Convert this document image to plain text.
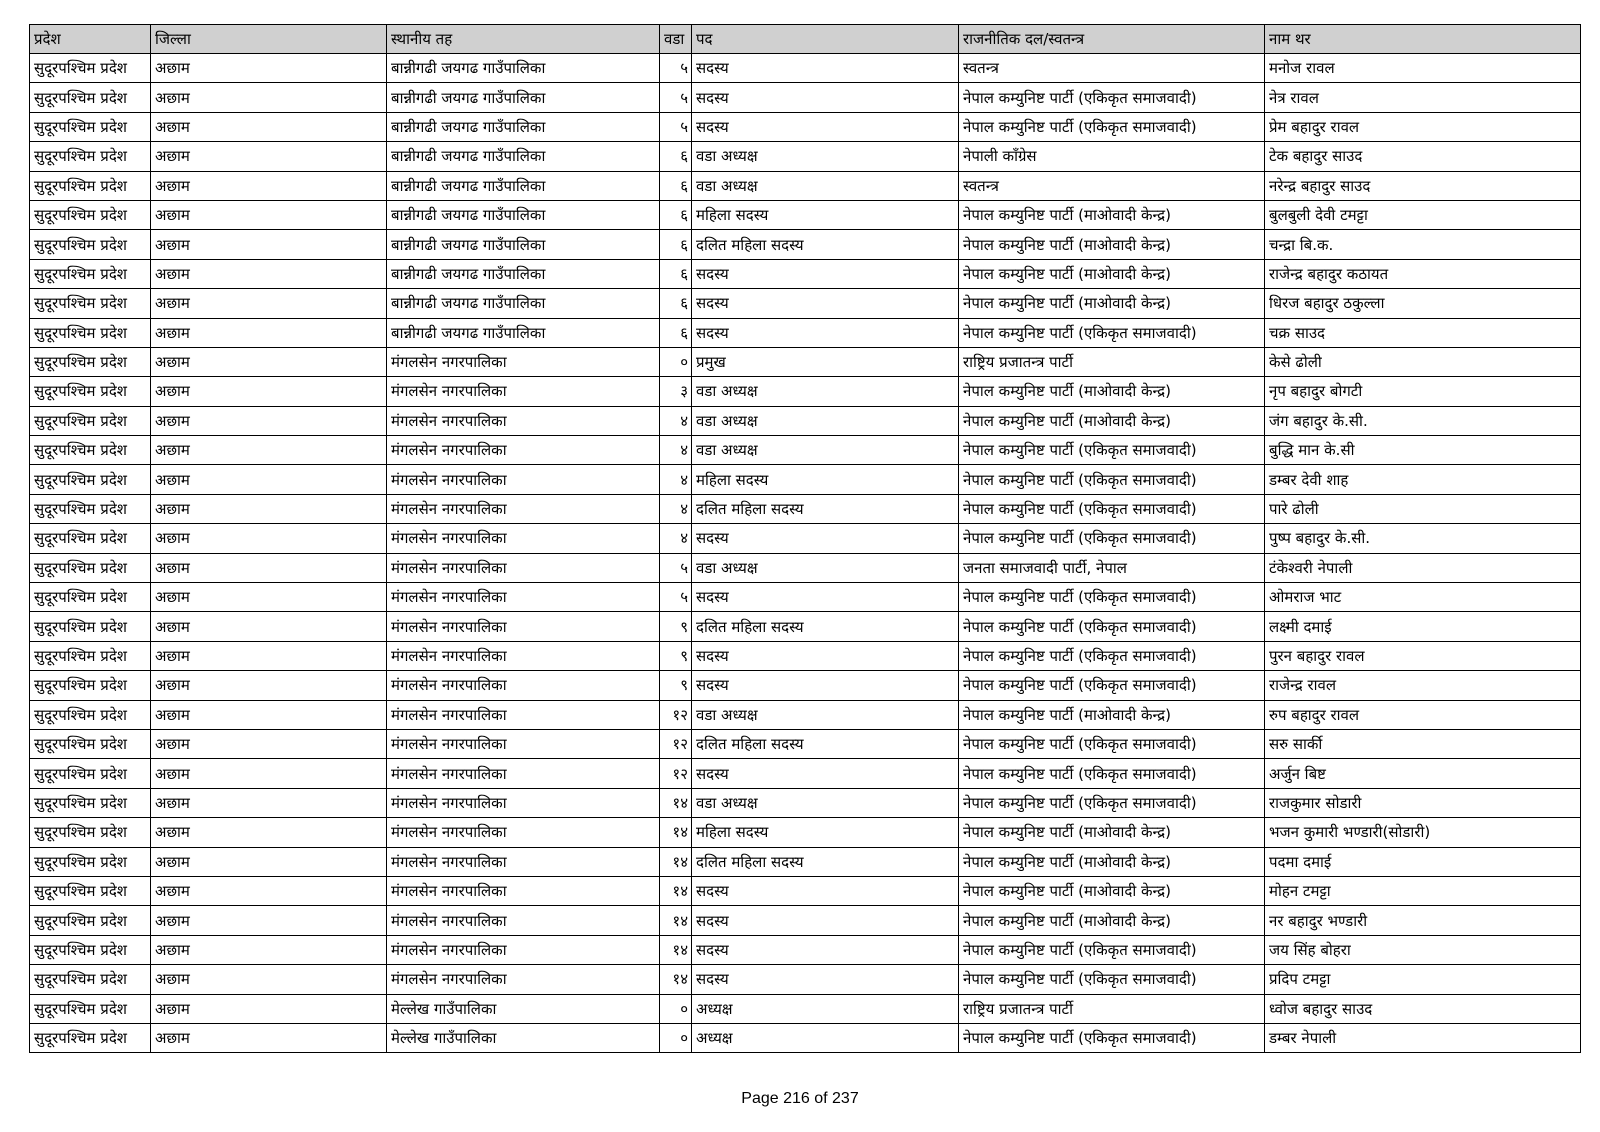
प्रदेश	जिल्ला	स्थानीय तह	वडा	पद	राजनीतिक दल/स्वतन्त्र	नाम थर
सुदूरपश्चिम प्रदेश	अछाम	बान्नीगढी जयगढ गाउँपालिका	५	सदस्य	स्वतन्त्र	मनोज रावल
सुदूरपश्चिम प्रदेश	अछाम	बान्नीगढी जयगढ गाउँपालिका	५	सदस्य	नेपाल कम्युनिष्ट पार्टी (एकिकृत समाजवादी)	नेत्र रावल
सुदूरपश्चिम प्रदेश	अछाम	बान्नीगढी जयगढ गाउँपालिका	५	सदस्य	नेपाल कम्युनिष्ट पार्टी (एकिकृत समाजवादी)	प्रेम बहादुर रावल
सुदूरपश्चिम प्रदेश	अछाम	बान्नीगढी जयगढ गाउँपालिका	६	वडा अध्यक्ष	नेपाली काँग्रेस	टेक बहादुर साउद
सुदूरपश्चिम प्रदेश	अछाम	बान्नीगढी जयगढ गाउँपालिका	६	वडा अध्यक्ष	स्वतन्त्र	नरेन्द्र बहादुर साउद
सुदूरपश्चिम प्रदेश	अछाम	बान्नीगढी जयगढ गाउँपालिका	६	महिला सदस्य	नेपाल कम्युनिष्ट पार्टी (माओवादी केन्द्र)	बुलबुली देवी टमट्टा
सुदूरपश्चिम प्रदेश	अछाम	बान्नीगढी जयगढ गाउँपालिका	६	दलित महिला सदस्य	नेपाल कम्युनिष्ट पार्टी (माओवादी केन्द्र)	चन्द्रा बि.क.
सुदूरपश्चिम प्रदेश	अछाम	बान्नीगढी जयगढ गाउँपालिका	६	सदस्य	नेपाल कम्युनिष्ट पार्टी (माओवादी केन्द्र)	राजेन्द्र बहादुर कठायत
सुदूरपश्चिम प्रदेश	अछाम	बान्नीगढी जयगढ गाउँपालिका	६	सदस्य	नेपाल कम्युनिष्ट पार्टी (माओवादी केन्द्र)	धिरज बहादुर ठकुल्ला
सुदूरपश्चिम प्रदेश	अछाम	बान्नीगढी जयगढ गाउँपालिका	६	सदस्य	नेपाल कम्युनिष्ट पार्टी (एकिकृत समाजवादी)	चक्र साउद
सुदूरपश्चिम प्रदेश	अछाम	मंगलसेन नगरपालिका	०	प्रमुख	राष्ट्रिय प्रजातन्त्र पार्टी	केसे ढोली
सुदूरपश्चिम प्रदेश	अछाम	मंगलसेन नगरपालिका	३	वडा अध्यक्ष	नेपाल कम्युनिष्ट पार्टी (माओवादी केन्द्र)	नृप बहादुर बोगटी
सुदूरपश्चिम प्रदेश	अछाम	मंगलसेन नगरपालिका	४	वडा अध्यक्ष	नेपाल कम्युनिष्ट पार्टी (माओवादी केन्द्र)	जंग बहादुर के.सी.
सुदूरपश्चिम प्रदेश	अछाम	मंगलसेन नगरपालिका	४	वडा अध्यक्ष	नेपाल कम्युनिष्ट पार्टी (एकिकृत समाजवादी)	बुद्धि मान के.सी
सुदूरपश्चिम प्रदेश	अछाम	मंगलसेन नगरपालिका	४	महिला सदस्य	नेपाल कम्युनिष्ट पार्टी (एकिकृत समाजवादी)	डम्बर देवी शाह
सुदूरपश्चिम प्रदेश	अछाम	मंगलसेन नगरपालिका	४	दलित महिला सदस्य	नेपाल कम्युनिष्ट पार्टी (एकिकृत समाजवादी)	पारे ढोली
सुदूरपश्चिम प्रदेश	अछाम	मंगलसेन नगरपालिका	४	सदस्य	नेपाल कम्युनिष्ट पार्टी (एकिकृत समाजवादी)	पुष्प बहादुर के.सी.
सुदूरपश्चिम प्रदेश	अछाम	मंगलसेन नगरपालिका	५	वडा अध्यक्ष	जनता समाजवादी पार्टी, नेपाल	टंकेश्वरी नेपाली
सुदूरपश्चिम प्रदेश	अछाम	मंगलसेन नगरपालिका	५	सदस्य	नेपाल कम्युनिष्ट पार्टी (एकिकृत समाजवादी)	ओमराज भाट
सुदूरपश्चिम प्रदेश	अछाम	मंगलसेन नगरपालिका	९	दलित महिला सदस्य	नेपाल कम्युनिष्ट पार्टी (एकिकृत समाजवादी)	लक्ष्मी दमाई
सुदूरपश्चिम प्रदेश	अछाम	मंगलसेन नगरपालिका	९	सदस्य	नेपाल कम्युनिष्ट पार्टी (एकिकृत समाजवादी)	पुरन बहादुर रावल
सुदूरपश्चिम प्रदेश	अछाम	मंगलसेन नगरपालिका	९	सदस्य	नेपाल कम्युनिष्ट पार्टी (एकिकृत समाजवादी)	राजेन्द्र रावल
सुदूरपश्चिम प्रदेश	अछाम	मंगलसेन नगरपालिका	१२	वडा अध्यक्ष	नेपाल कम्युनिष्ट पार्टी (माओवादी केन्द्र)	रुप बहादुर रावल
सुदूरपश्चिम प्रदेश	अछाम	मंगलसेन नगरपालिका	१२	दलित महिला सदस्य	नेपाल कम्युनिष्ट पार्टी (एकिकृत समाजवादी)	सरु सार्की
सुदूरपश्चिम प्रदेश	अछाम	मंगलसेन नगरपालिका	१२	सदस्य	नेपाल कम्युनिष्ट पार्टी (एकिकृत समाजवादी)	अर्जुन बिष्ट
सुदूरपश्चिम प्रदेश	अछाम	मंगलसेन नगरपालिका	१४	वडा अध्यक्ष	नेपाल कम्युनिष्ट पार्टी (एकिकृत समाजवादी)	राजकुमार सोडारी
सुदूरपश्चिम प्रदेश	अछाम	मंगलसेन नगरपालिका	१४	महिला सदस्य	नेपाल कम्युनिष्ट पार्टी (माओवादी केन्द्र)	भजन कुमारी भण्डारी(सोडारी)
सुदूरपश्चिम प्रदेश	अछाम	मंगलसेन नगरपालिका	१४	दलित महिला सदस्य	नेपाल कम्युनिष्ट पार्टी (माओवादी केन्द्र)	पदमा दमाई
सुदूरपश्चिम प्रदेश	अछाम	मंगलसेन नगरपालिका	१४	सदस्य	नेपाल कम्युनिष्ट पार्टी (माओवादी केन्द्र)	मोहन टमट्टा
सुदूरपश्चिम प्रदेश	अछाम	मंगलसेन नगरपालिका	१४	सदस्य	नेपाल कम्युनिष्ट पार्टी (माओवादी केन्द्र)	नर बहादुर भण्डारी
सुदूरपश्चिम प्रदेश	अछाम	मंगलसेन नगरपालिका	१४	सदस्य	नेपाल कम्युनिष्ट पार्टी (एकिकृत समाजवादी)	जय सिंह बोहरा
सुदूरपश्चिम प्रदेश	अछाम	मंगलसेन नगरपालिका	१४	सदस्य	नेपाल कम्युनिष्ट पार्टी (एकिकृत समाजवादी)	प्रदिप टमट्टा
सुदूरपश्चिम प्रदेश	अछाम	मेल्लेख गाउँपालिका	०	अध्यक्ष	राष्ट्रिय प्रजातन्त्र पार्टी	ध्वोज बहादुर साउद
सुदूरपश्चिम प्रदेश	अछाम	मेल्लेख गाउँपालिका	०	अध्यक्ष	नेपाल कम्युनिष्ट पार्टी (एकिकृत समाजवादी)	डम्बर नेपाली
Page 216 of 237
